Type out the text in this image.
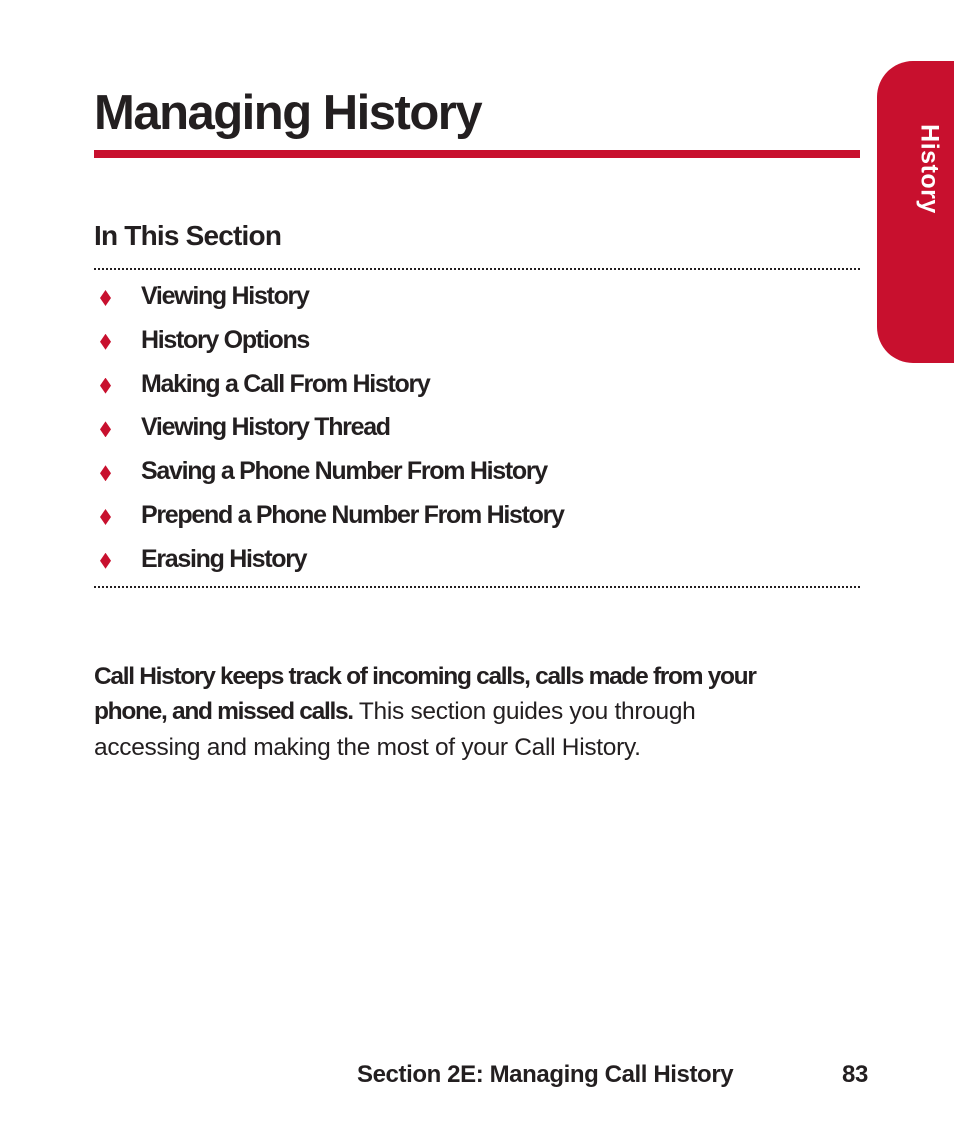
History
Managing History
In This Section
Viewing History
History Options
Making a Call From History
Viewing History Thread
Saving a Phone Number From History
Prepend a Phone Number From History
Erasing History

Call History keeps track of incoming calls, calls made from your phone, and missed calls. This section guides you through accessing and making the most of your Call History.

Section 2E: Managing Call History	83
